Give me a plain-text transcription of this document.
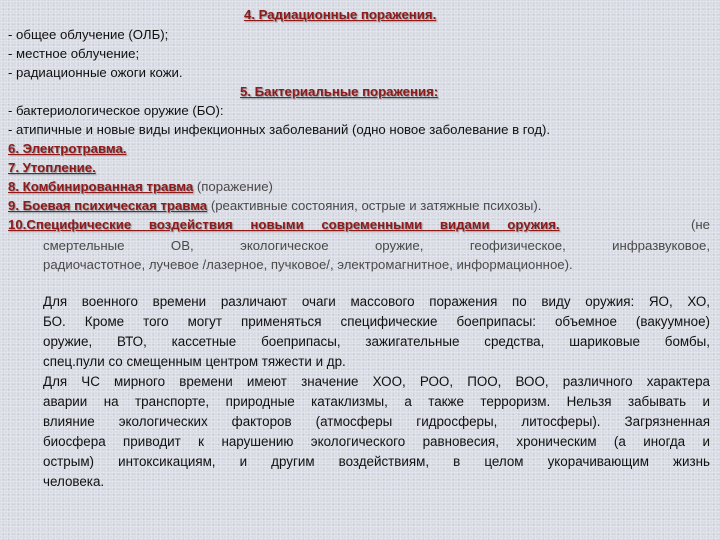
4. Радиационные поражения.
- общее облучение (ОЛБ);
- местное облучение;
- радиационные ожоги кожи.
5. Бактериальные поражения:
- бактериологическое оружие (БО):
- атипичные и новые виды инфекционных заболеваний (одно новое заболевание в год).
6. Электротравма.
7. Утопление.
8. Комбинированная травма (поражение)
9. Боевая психическая травма (реактивные состояния, острые и затяжные психозы).
10.Специфические воздействия новыми современными видами оружия.	(не
смертельные ОВ, экологическое оружие, геофизическое, инфразвуковое,
радиочастотное, лучевое /лазерное, пучковое/, электромагнитное, информационное).
Для военного времени различают очаги массового поражения по виду оружия: ЯО, ХО,
БО. Кроме того могут применяться специфические боеприпасы: объемное (вакуумное)
оружие, ВТО, кассетные боеприпасы, зажигательные средства, шариковые бомбы,
спец.пули со смещенным центром тяжести и др.
Для ЧС мирного времени имеют значение ХОО, РОО, ПОО, ВОО, различного характера
аварии на транспорте, природные катаклизмы, а также терроризм. Нельзя забывать и
влияние экологических факторов (атмосферы гидросферы, литосферы). Загрязненная
биосфера приводит к нарушению экологического равновесия, хроническим (а иногда и
острым) интоксикациям, и другим воздействиям, в целом укорачивающим жизнь
человека.
